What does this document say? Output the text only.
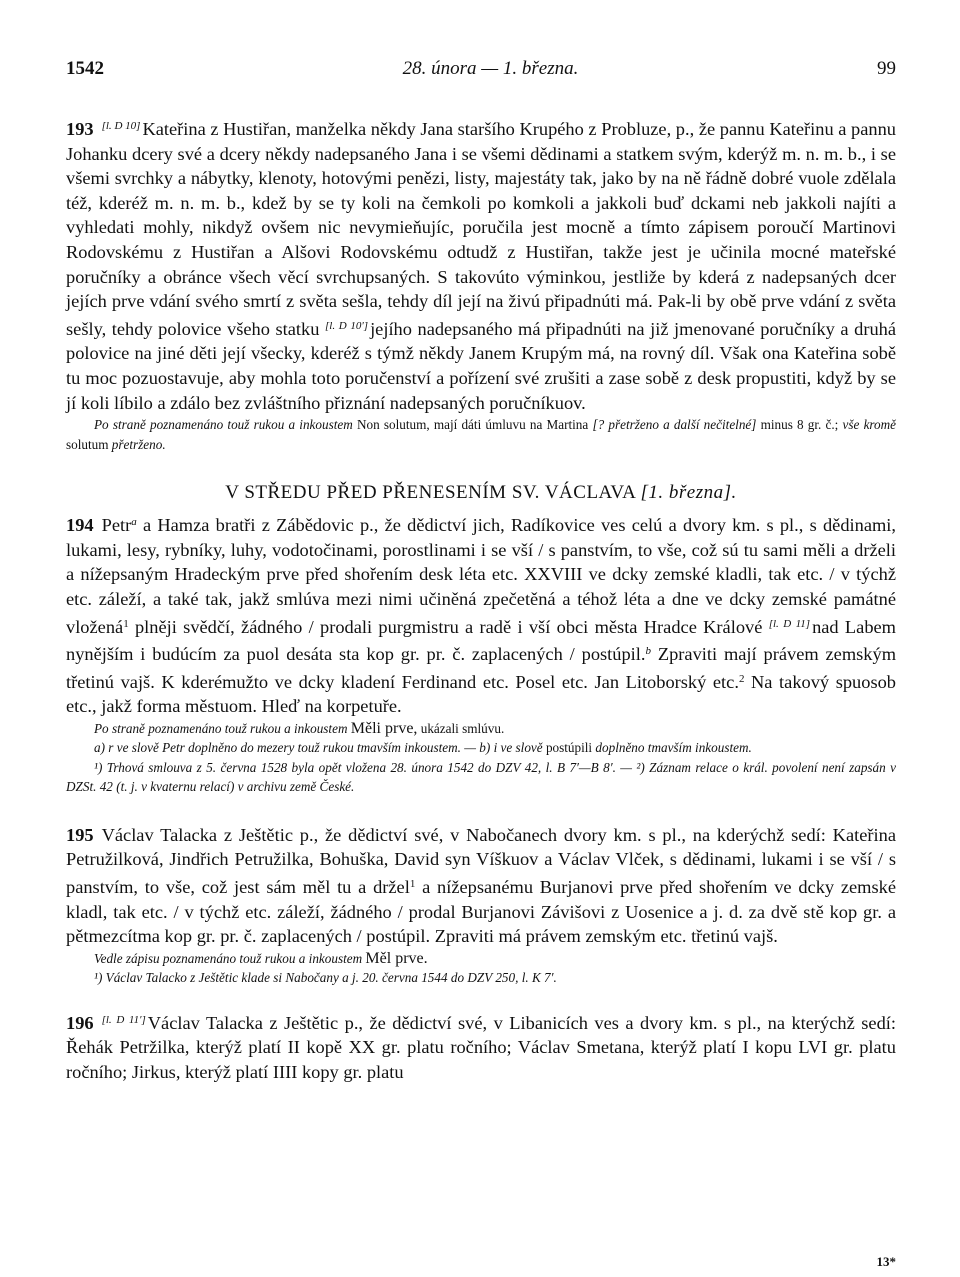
1542	28. února — 1. března.	99

193 [l. D 10] Kateřina z Hustiřan, manželka někdy Jana staršího Krupého z Probluze, p., že pannu Kateřinu a pannu Johanku dcery své a dcery někdy nadepsaného Jana i se všemi dědinami a statkem svým, kderýž m. n. m. b., i se všemi svrchky a nábytky, klenoty, hotovými penězi, listy, majestáty tak, jako by na ně řádně dobré vuole zdělala též, kderéž m. n. m. b., kdež by se ty koli na čemkoli po komkoli a jakkoli buď dckami neb jakkoli najíti a vyhledati mohly, nikdyž ovšem nic nevymieňujíc, poručila jest mocně a tímto zápisem poroučí Martinovi Rodovskému z Hustiřan a Alšovi Rodovskému odtudž z Hustiřan, takže jest je učinila mocné mateřské poručníky a obránce všech věcí svrchupsaných. S takovúto výminkou, jestliže by kderá z nadepsaných dcer jejích prve vdání svého smrtí z světa sešla, tehdy díl její na živú připadnúti má. Pak-li by obě prve vdání z světa sešly, tehdy polovice všeho statku [l. D 10'] jejího nadepsaného má připadnúti na již jmenované poručníky a druhá polovice na jiné děti její všecky, kderéž s týmž někdy Janem Krupým má, na rovný díl. Však ona Kateřina sobě tu moc pozuostavuje, aby mohla toto poručenství a pořízení své zrušiti a zase sobě z desk propustiti, když by se jí koli líbilo a zdálo bez zvláštního přiznání nadepsaných poručníkuov.

Po straně poznamenáno touž rukou a inkoustem Non solutum, mají dáti úmluvu na Martina [? přetrženo a další nečitelné] minus 8 gr. č.; vše kromě solutum přetrženo.

V STŘEDU PŘED PŘENESENÍM SV. VÁCLAVA [1. března].

194 Petr$^a$ a Hamza bratři z Zábědovic p., že dědictví jich, Radíkovice ves celú a dvory km. s pl., s dědinami, lukami, lesy, rybníky, luhy, vodotočinami, porostlinami i se vší / s panstvím, to vše, což sú tu sami měli a drželi a nížepsaným Hradeckým prve před shořením desk léta etc. XXVIII ve dcky zemské kladli, tak etc. / v týchž etc. záleží, a také tak, jakž smlúva mezi nimi učiněná zpečetěná a téhož léta a dne ve dcky zemské památné vložená$^1$ plněji svědčí, žádného / prodali purgmistru a radě i vší obci města Hradce Králové [l. D 11] nad Labem nynějším i budúcím za puol desáta sta kop gr. pr. č. zaplacených / postúpil.$^b$ Zpraviti mají právem zemským třetinú vajš. K kderémužto ve dcky kladení Ferdinand etc. Posel etc. Jan Litoborský etc.$^2$ Na takový spuosob etc., jakž forma městuom. Hleď na korpetuře.

Po straně poznamenáno touž rukou a inkoustem Měli prve, ukázali smlúvu.

a) r ve slově Petr doplněno do mezery touž rukou tmavším inkoustem. — b) i ve slově postúpili doplněno tmavším inkoustem.

¹) Trhová smlouva z 5. června 1528 byla opět vložena 28. února 1542 do DZV 42, l. B 7′—B 8′. — ²) Záznam relace o král. povolení není zapsán v DZSt. 42 (t. j. v kvaternu relací) v archivu země České.

195 Václav Talacka z Ještětic p., že dědictví své, v Nabočanech dvory km. s pl., na kderýchž sedí: Kateřina Petružilková, Jindřich Petružilka, Bohuška, David syn Víškuov a Václav Vlček, s dědinami, lukami i se vší / s panstvím, to vše, což jest sám měl tu a držel$^1$ a nížepsanému Burjanovi prve před shořením ve dcky zemské kladl, tak etc. / v týchž etc. záleží, žádného / prodal Burjanovi Závišovi z Uosenice a j. d. za dvě stě kop gr. a pětmezcítma kop gr. pr. č. zaplacených / postúpil. Zpraviti má právem zemským etc. třetinú vajš.

Vedle zápisu poznamenáno touž rukou a inkoustem Měl prve.

¹) Václav Talacko z Ještětic klade si Nabočany a j. 20. června 1544 do DZV 250, l. K 7′.

196 [l. D 11′] Václav Talacka z Ještětic p., že dědictví své, v Libanicích ves a dvory km. s pl., na kterýchž sedí: Řehák Petržilka, kterýž platí II kopě XX gr. platu ročního; Václav Smetana, kterýž platí I kopu LVI gr. platu ročního; Jirkus, kterýž platí IIII kopy gr. platu

13*
